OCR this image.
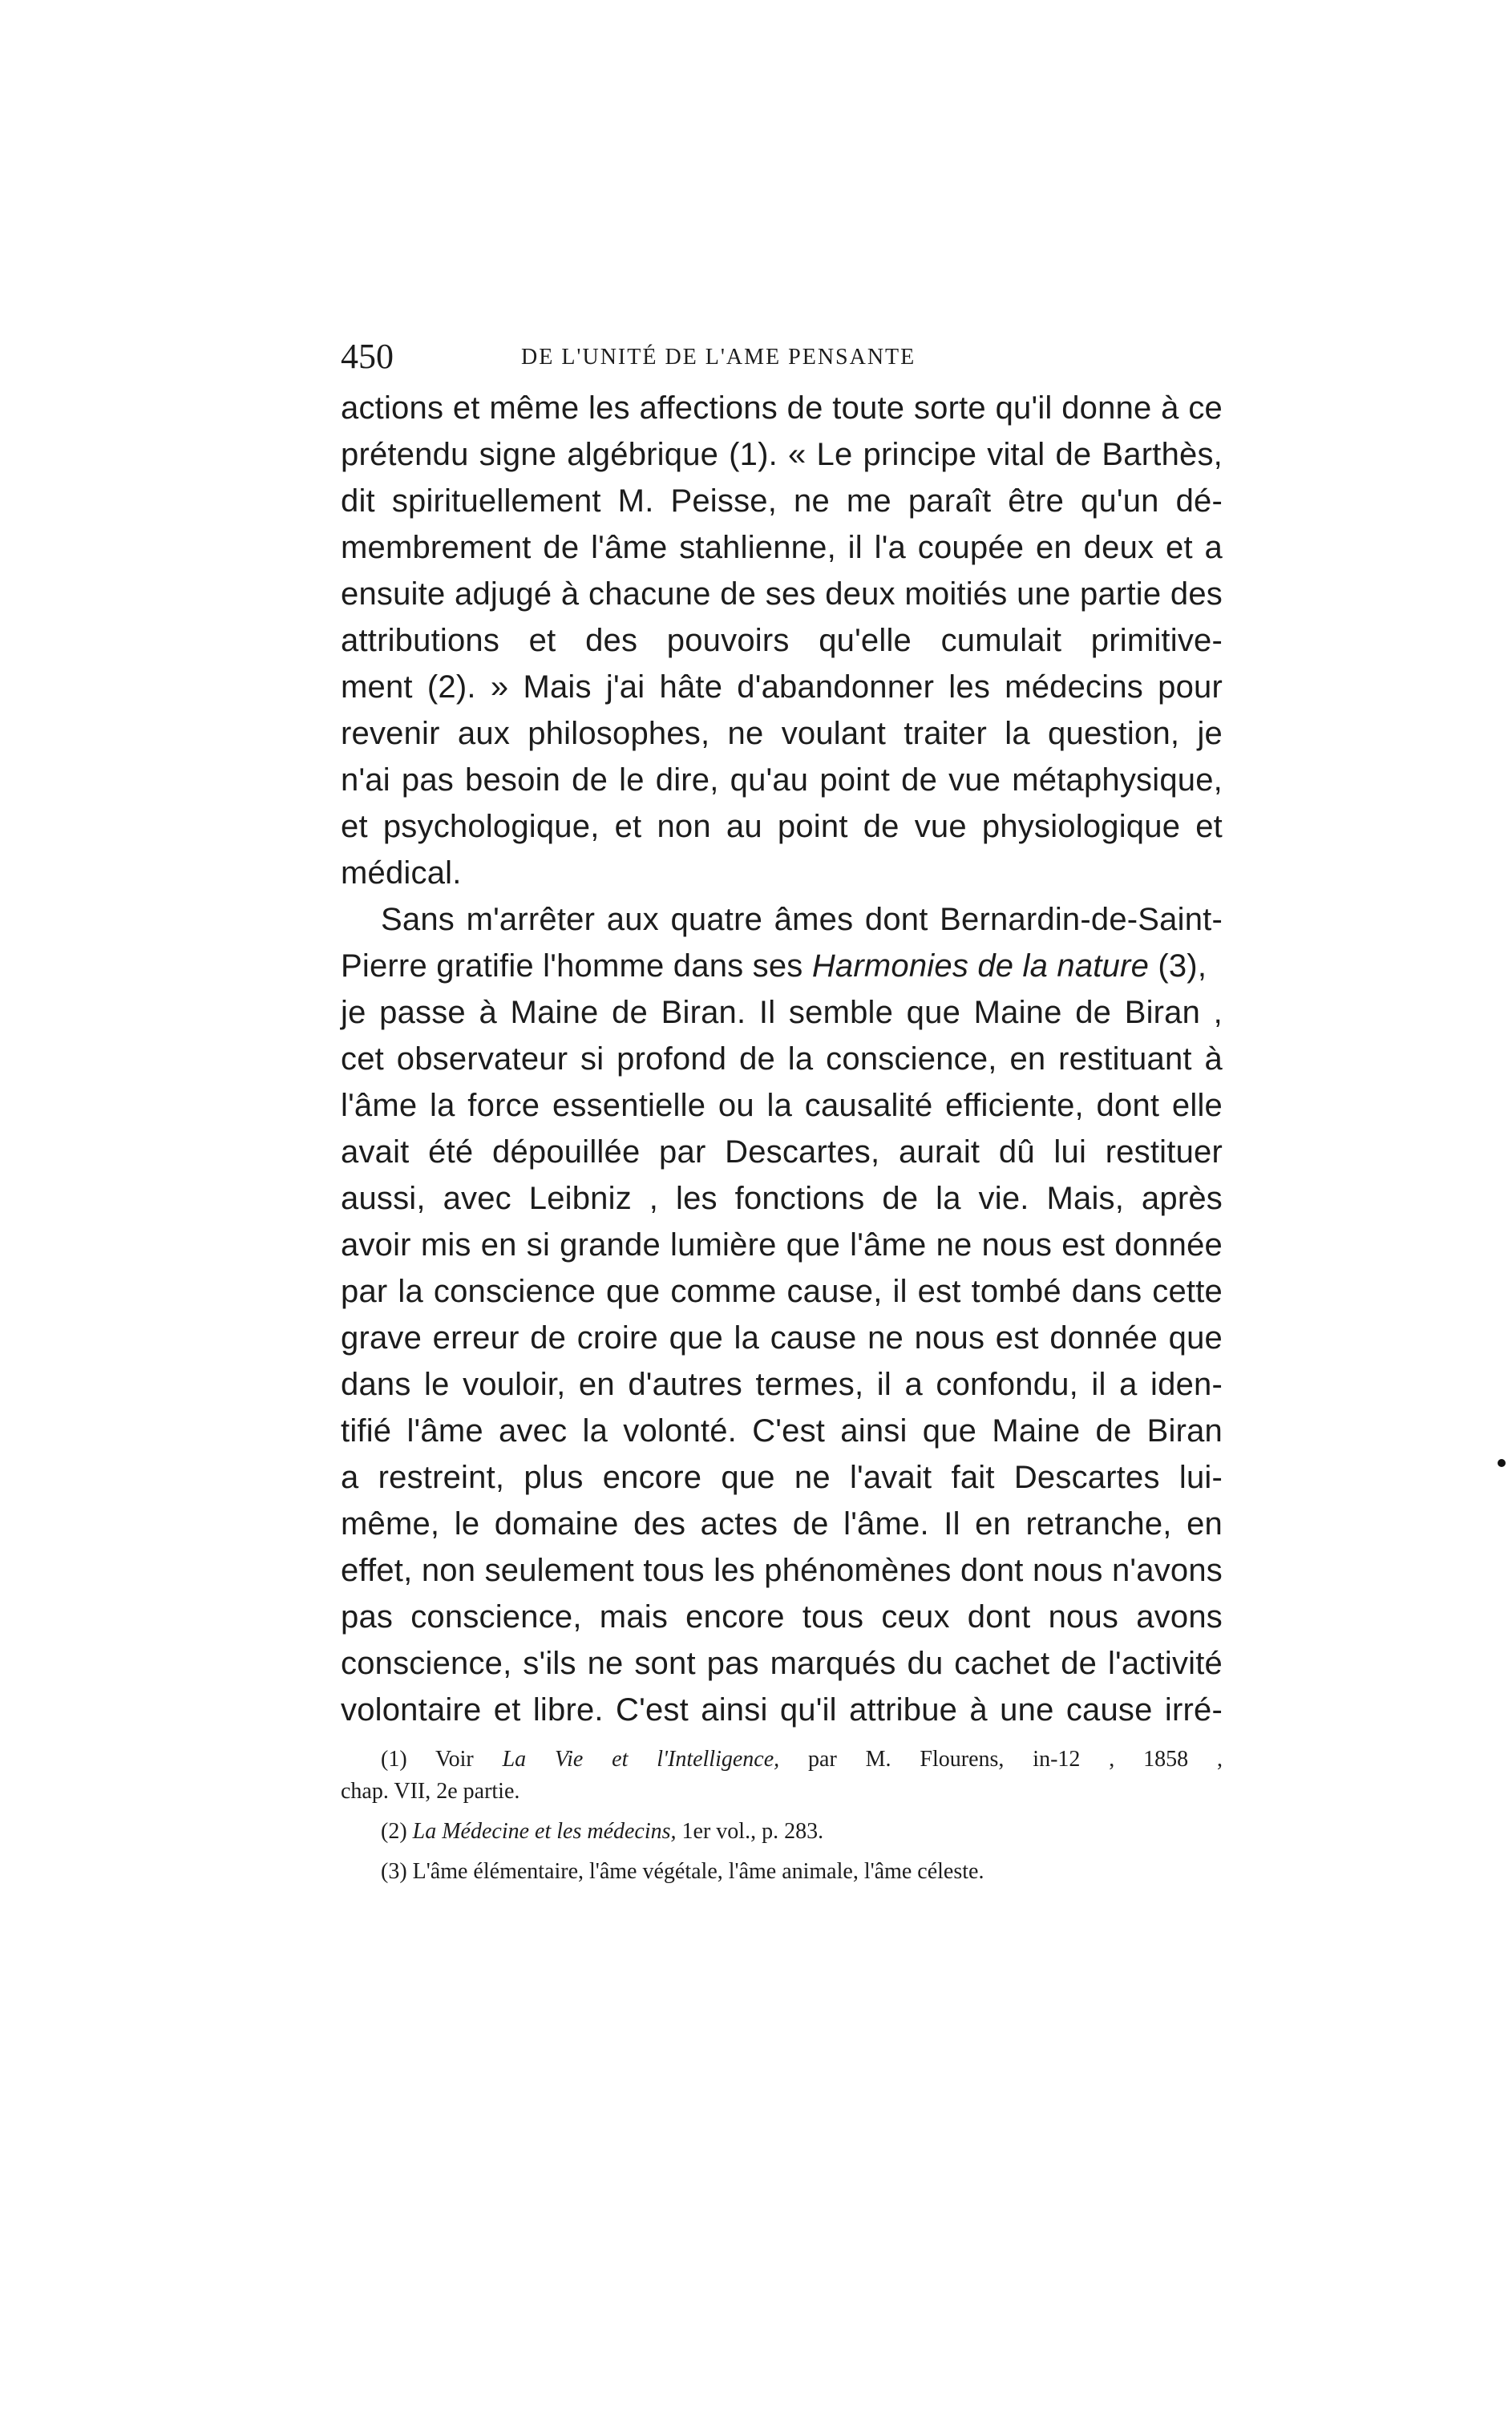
450	DE L'UNITÉ DE L'AME PENSANTE
actions et même les affections de toute sorte qu'il donne à ce
prétendu signe algébrique (1). « Le principe vital de Barthès,
dit spirituellement M. Peisse, ne me paraît être qu'un dé-
membrement de l'âme stahlienne, il l'a coupée en deux et a
ensuite adjugé à chacune de ses deux moitiés une partie des
attributions et des pouvoirs qu'elle cumulait primitive-
ment (2). » Mais j'ai hâte d'abandonner les médecins pour
revenir aux philosophes, ne voulant traiter la question, je
n'ai pas besoin de le dire, qu'au point de vue métaphysique,
et psychologique, et non au point de vue physiologique et
médical.
Sans m'arrêter aux quatre âmes dont Bernardin-de-Saint-
Pierre gratifie l'homme dans ses Harmonies de la nature (3),
je passe à Maine de Biran. Il semble que Maine de Biran ,
cet observateur si profond de la conscience, en restituant à
l'âme la force essentielle ou la causalité efficiente, dont elle
avait été dépouillée par Descartes, aurait dû lui restituer
aussi, avec Leibniz , les fonctions de la vie. Mais, après
avoir mis en si grande lumière que l'âme ne nous est donnée
par la conscience que comme cause, il est tombé dans cette
grave erreur de croire que la cause ne nous est donnée que
dans le vouloir, en d'autres termes, il a confondu, il a iden-
tifié l'âme avec la volonté. C'est ainsi que Maine de Biran
a restreint, plus encore que ne l'avait fait Descartes lui-
même, le domaine des actes de l'âme. Il en retranche, en
effet, non seulement tous les phénomènes dont nous n'avons
pas conscience, mais encore tous ceux dont nous avons
conscience, s'ils ne sont pas marqués du cachet de l'activité
volontaire et libre. C'est ainsi qu'il attribue à une cause irré-
(1) Voir La Vie et l'Intelligence, par M. Flourens, in-12 , 1858 ,
chap. VII, 2e partie.
(2) La Médecine et les médecins, 1er vol., p. 283.
(3) L'âme élémentaire, l'âme végétale, l'âme animale, l'âme céleste.
